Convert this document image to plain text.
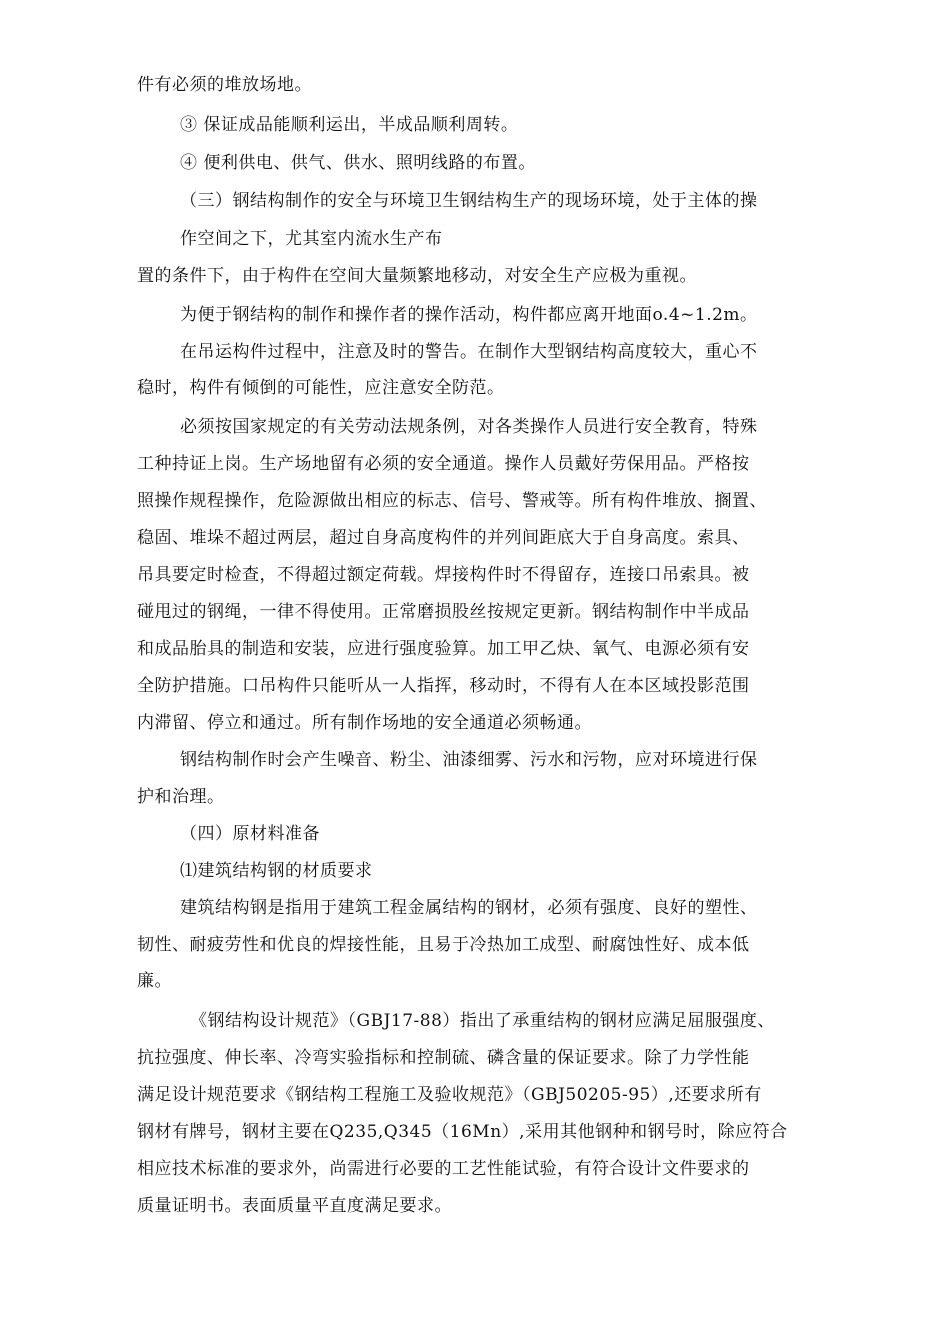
件有必须的堆放场地。
③ 保证成品能顺利运出，半成品顺利周转。
④ 便利供电、供气、供水、照明线路的布置。
（三）钢结构制作的安全与环境卫生钢结构生产的现场环境，处于主体的操
作空间之下，尤其室内流水生产布
置的条件下，由于构件在空间大量频繁地移动，对安全生产应极为重视。
为便于钢结构的制作和操作者的操作活动，构件都应离开地面o.4~1.2m。
在吊运构件过程中，注意及时的警告。在制作大型钢结构高度较大，重心不
稳时，构件有倾倒的可能性，应注意安全防范。
必须按国家规定的有关劳动法规条例，对各类操作人员进行安全教育，特殊
工种持证上岗。生产场地留有必须的安全通道。操作人员戴好劳保用品。严格按
照操作规程操作，危险源做出相应的标志、信号、警戒等。所有构件堆放、搁置、
稳固、堆垛不超过两层，超过自身高度构件的并列间距底大于自身高度。索具、
吊具要定时检查，不得超过额定荷载。焊接构件时不得留存，连接口吊索具。被
碰甩过的钢绳，一律不得使用。正常磨损股丝按规定更新。钢结构制作中半成品
和成品胎具的制造和安装，应进行强度验算。加工甲乙炔、氧气、电源必须有安
全防护措施。口吊构件只能听从一人指挥，移动时，不得有人在本区域投影范围
内滞留、停立和通过。所有制作场地的安全通道必须畅通。
钢结构制作时会产生噪音、粉尘、油漆细雾、污水和污物，应对环境进行保
护和治理。
（四）原材料准备
⑴建筑结构钢的材质要求
建筑结构钢是指用于建筑工程金属结构的钢材，必须有强度、良好的塑性、
韧性、耐疲劳性和优良的焊接性能，且易于冷热加工成型、耐腐蚀性好、成本低
廉。
《钢结构设计规范》（GBJ17-88）指出了承重结构的钢材应满足屈服强度、
抗拉强度、伸长率、冷弯实验指标和控制硫、磷含量的保证要求。除了力学性能
满足设计规范要求《钢结构工程施工及验收规范》（GBJ50205-95）,还要求所有
钢材有牌号，钢材主要在Q235,Q345（16Mn）,采用其他钢种和钢号时，除应符合
相应技术标准的要求外，尚需进行必要的工艺性能试验，有符合设计文件要求的
质量证明书。表面质量平直度满足要求。
